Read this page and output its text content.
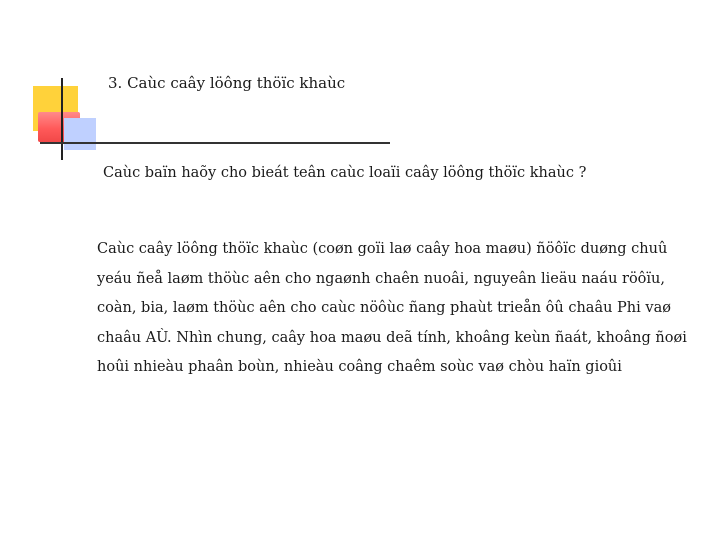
3. Caùc caây löông thöïc khaùc
Caùc baïn haõy cho bieát teân caùc loaïi caây löông thöïc khaùc ?
Caùc caây löông thöïc khaùc (coøn goïi laø caây hoa maøu) ñöôïc duøng chuû
yeáu ñeå laøm thöùc aên cho ngaønh chaên nuoâi, nguyeân lieäu naáu röôïu,
coàn, bia, laøm thöùc aên cho caùc nöôùc ñang phaùt trieån ôû chaâu Phi vaø
chaâu AÙ. Nhìn chung, caây hoa maøu deã tính, khoâng keùn ñaát, khoâng ñoøi
hoûi nhieàu phaân boùn, nhieàu coâng chaêm soùc vaø chòu haïn gioûi
